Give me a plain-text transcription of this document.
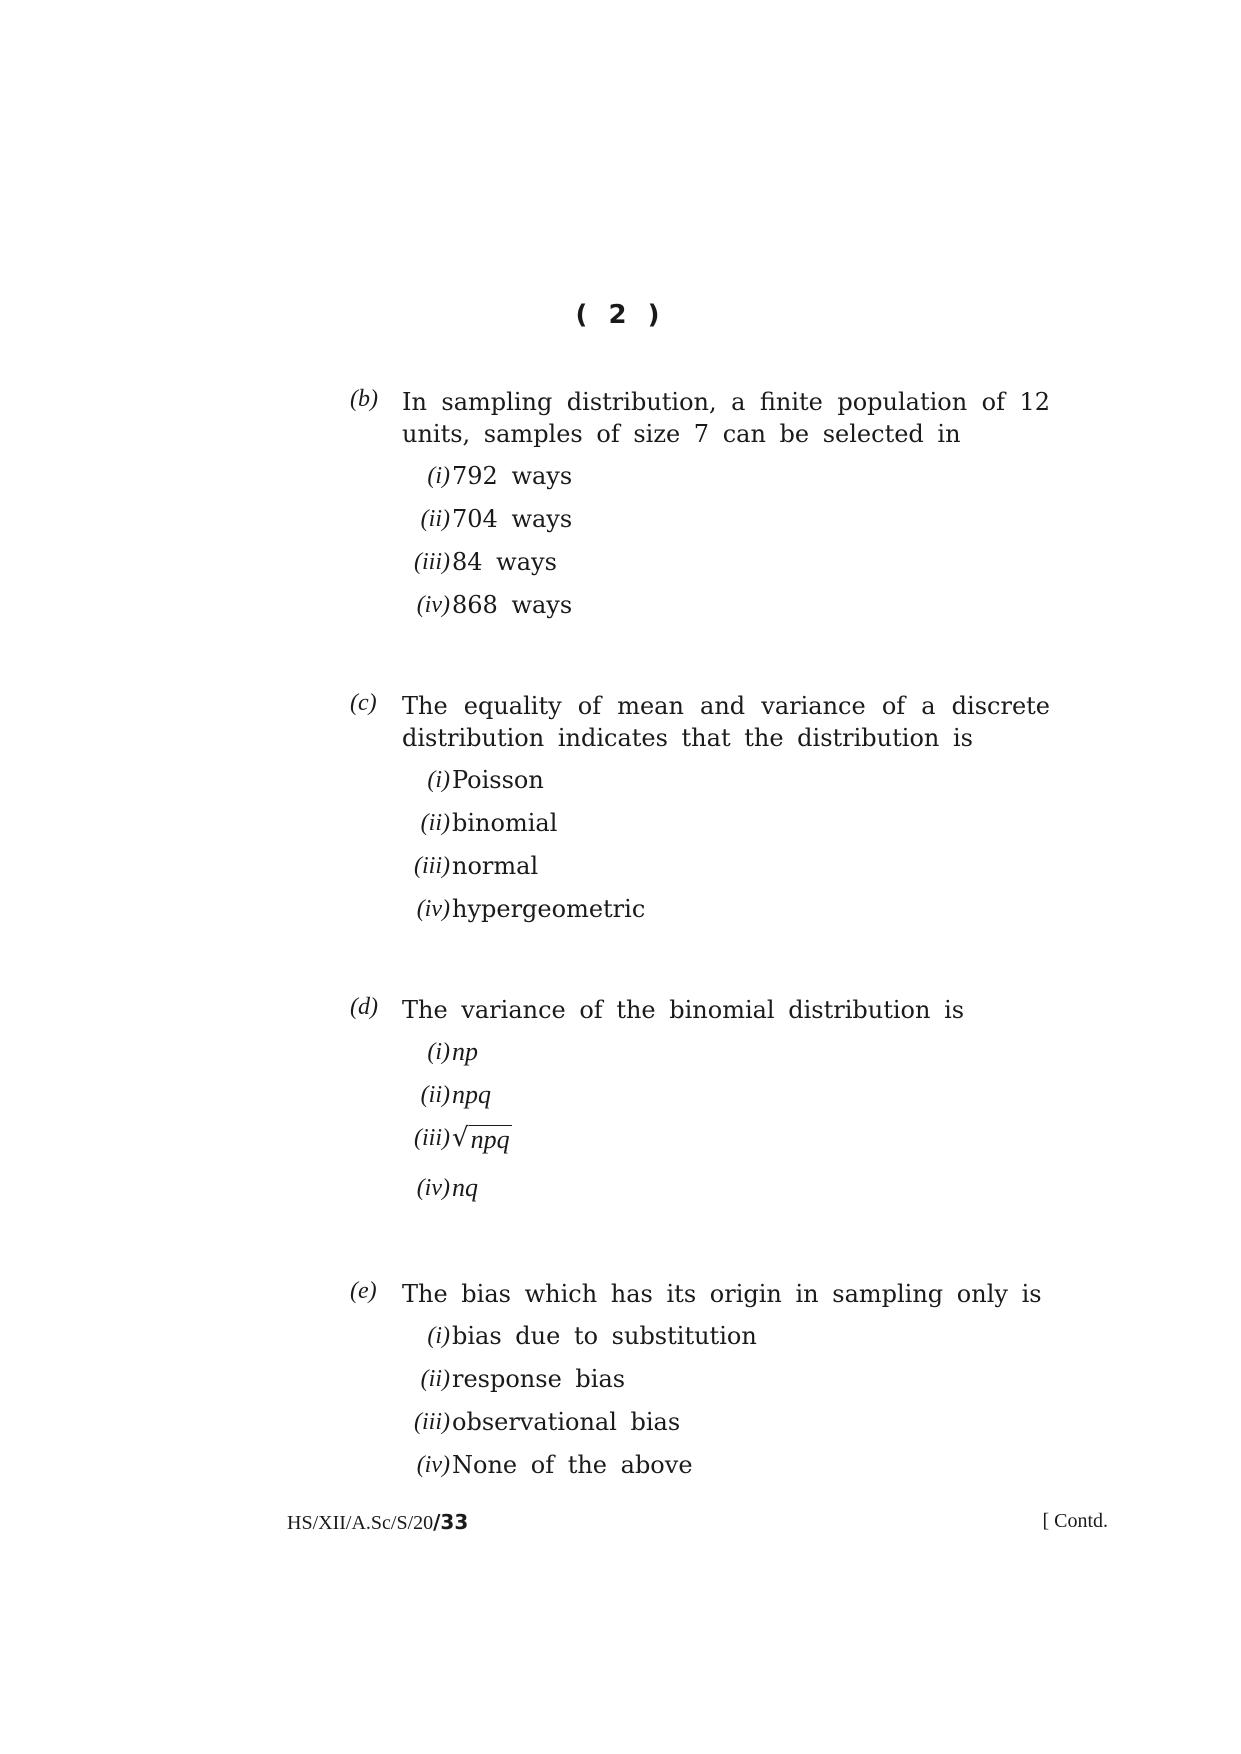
( 2 )
(b) In sampling distribution, a finite population of 12 units, samples of size 7 can be selected in
(i) 792 ways
(ii) 704 ways
(iii) 84 ways
(iv) 868 ways
(c) The equality of mean and variance of a discrete distribution indicates that the distribution is
(i) Poisson
(ii) binomial
(iii) normal
(iv) hypergeometric
(d) The variance of the binomial distribution is
(i) np
(ii) npq
(iii) √ npq
(iv) nq
(e) The bias which has its origin in sampling only is
(i) bias due to substitution
(ii) response bias
(iii) observational bias
(iv) None of the above
HS/XII/A.Sc/S/20/33	[ Contd.
